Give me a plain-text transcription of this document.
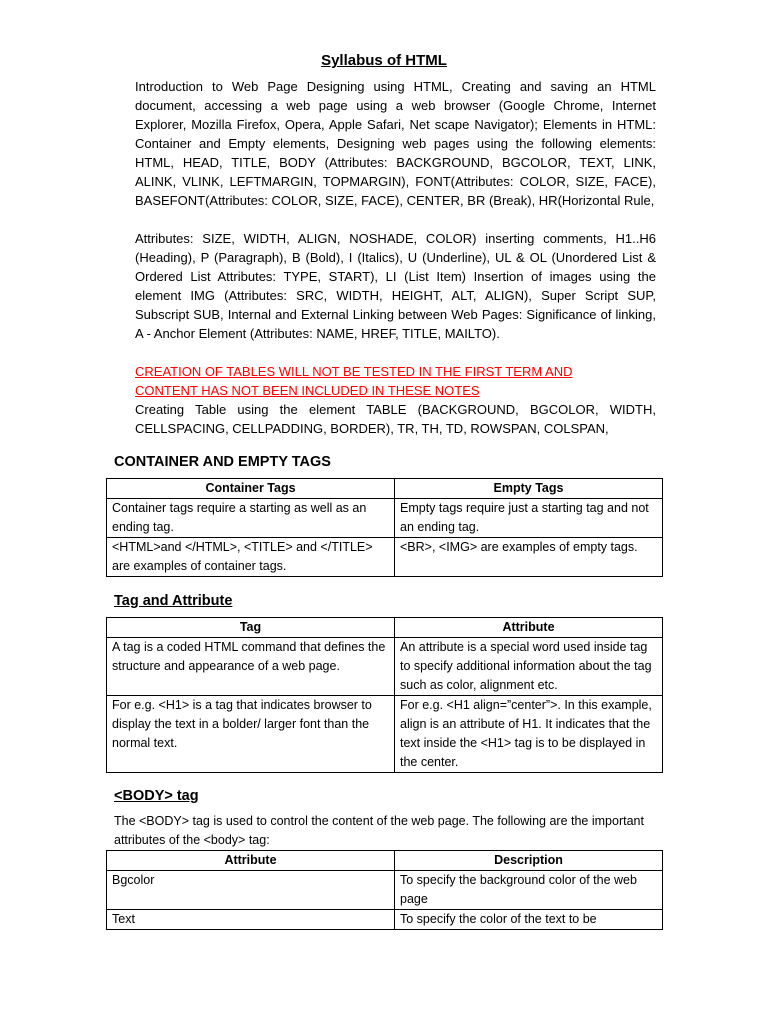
Syllabus of HTML
Introduction to Web Page Designing using HTML, Creating and saving an HTML document, accessing a web page using a web browser (Google Chrome, Internet Explorer, Mozilla Firefox, Opera, Apple Safari, Net scape Navigator); Elements in HTML: Container and Empty elements, Designing web pages using the following elements: HTML, HEAD, TITLE, BODY (Attributes: BACKGROUND, BGCOLOR, TEXT, LINK, ALINK, VLINK, LEFTMARGIN, TOPMARGIN), FONT(Attributes: COLOR, SIZE, FACE), BASEFONT(Attributes: COLOR, SIZE, FACE), CENTER, BR (Break), HR(Horizontal Rule,
Attributes: SIZE, WIDTH, ALIGN, NOSHADE, COLOR) inserting comments, H1..H6 (Heading), P (Paragraph), B (Bold), I (Italics), U (Underline), UL & OL (Unordered List & Ordered List Attributes: TYPE, START), LI (List Item) Insertion of images using the element IMG (Attributes: SRC, WIDTH, HEIGHT, ALT, ALIGN), Super Script SUP, Subscript SUB, Internal and External Linking between Web Pages: Significance of linking, A - Anchor Element (Attributes: NAME, HREF, TITLE, MAILTO).
CREATION OF TABLES WILL NOT BE TESTED IN THE FIRST TERM AND
CONTENT HAS NOT BEEN INCLUDED IN THESE NOTES
Creating Table using the element TABLE (BACKGROUND, BGCOLOR, WIDTH, CELLSPACING, CELLPADDING, BORDER), TR, TH, TD, ROWSPAN, COLSPAN,
CONTAINER AND EMPTY TAGS
Container Tags	Empty Tags
Container tags require a starting as well as an ending tag.	Empty tags require just a starting tag and not an ending tag.
<HTML>and </HTML>, <TITLE> and </TITLE> are examples of container tags.	<BR>, <IMG> are examples of empty tags.
Tag and Attribute
Tag	Attribute
A tag is a coded HTML command that defines the structure and appearance of a web page.	An attribute is a special word used inside tag to specify additional information about the tag such as color, alignment etc.
For e.g. <H1> is a tag that indicates browser to display the text in a bolder/ larger font than the normal text.	For e.g. <H1 align=”center”>. In this example, align is an attribute of H1. It indicates that the text inside the <H1> tag is to be displayed in the center.
<BODY> tag
The <BODY> tag is used to control the content of the web page. The following are the important attributes of the <body> tag:
Attribute	Description
Bgcolor	To specify the background color of the web page
Text	To specify the color of the text to be
